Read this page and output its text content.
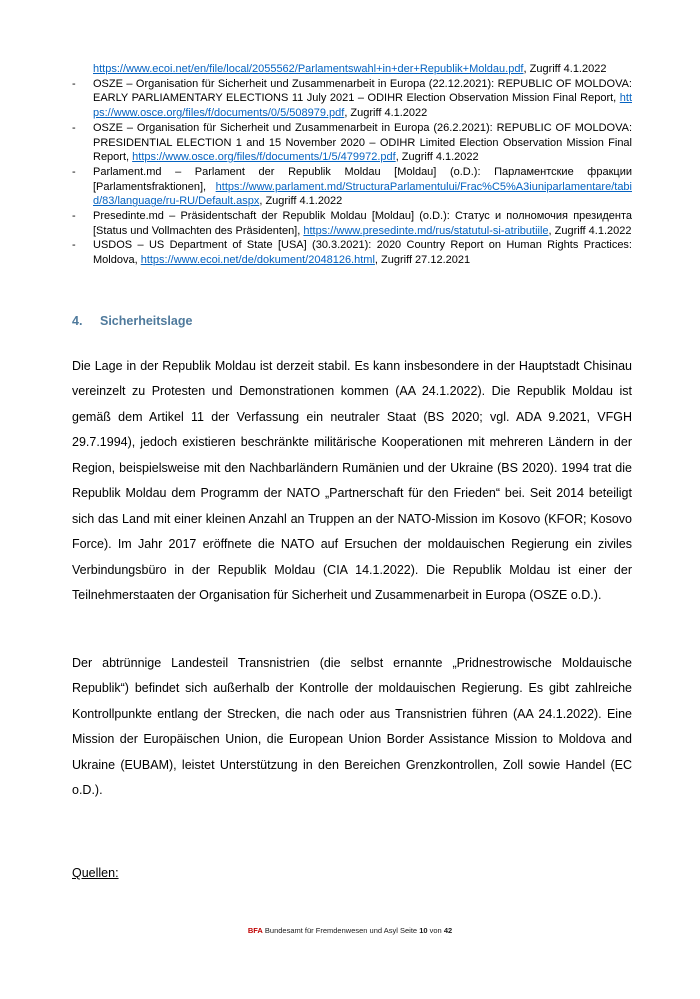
https://www.ecoi.net/en/file/local/2055562/Parlamentswahl+in+der+Republik+Moldau.pdf, Zugriff 4.1.2022
-	OSZE – Organisation für Sicherheit und Zusammenarbeit in Europa (22.12.2021): REPUBLIC OF MOLDOVA: EARLY PARLIAMENTARY ELECTIONS 11 July 2021 – ODIHR Election Observation Mission Final Report, https://www.osce.org/files/f/documents/0/5/508979.pdf, Zugriff 4.1.2022
-	OSZE – Organisation für Sicherheit und Zusammenarbeit in Europa (26.2.2021): REPUBLIC OF MOLDOVA: PRESIDENTIAL ELECTION 1 and 15 November 2020 – ODIHR Limited Election Observation Mission Final Report, https://www.osce.org/files/f/documents/1/5/479972.pdf, Zugriff 4.1.2022
-	Parlament.md – Parlament der Republik Moldau [Moldau] (o.D.): Парламентские фракции [Parlamentsfraktionen], https://www.parlament.md/StructuraParlamentului/Frac%C5%A3iuniparlamentare/tabid/83/language/ru-RU/Default.aspx, Zugriff 4.1.2022
-	Presedinte.md – Präsidentschaft der Republik Moldau [Moldau] (o.D.): Статус и полномочия президента [Status und Vollmachten des Präsidenten], https://www.presedinte.md/rus/statutul-si-atributiile, Zugriff 4.1.2022
-	USDOS – US Department of State [USA] (30.3.2021): 2020 Country Report on Human Rights Practices: Moldova, https://www.ecoi.net/de/dokument/2048126.html, Zugriff 27.12.2021
4. Sicherheitslage

Die Lage in der Republik Moldau ist derzeit stabil. Es kann insbesondere in der Hauptstadt Chisinau vereinzelt zu Protesten und Demonstrationen kommen (AA 24.1.2022). Die Republik Moldau ist gemäß dem Artikel 11 der Verfassung ein neutraler Staat (BS 2020; vgl. ADA 9.2021, VFGH 29.7.1994), jedoch existieren beschränkte militärische Kooperationen mit mehreren Ländern in der Region, beispielsweise mit den Nachbarländern Rumänien und der Ukraine (BS 2020). 1994 trat die Republik Moldau dem Programm der NATO „Partnerschaft für den Frieden“ bei. Seit 2014 beteiligt sich das Land mit einer kleinen Anzahl an Truppen an der NATO-Mission im Kosovo (KFOR; Kosovo Force). Im Jahr 2017 eröffnete die NATO auf Ersuchen der moldauischen Regierung ein ziviles Verbindungsbüro in der Republik Moldau (CIA 14.1.2022). Die Republik Moldau ist einer der Teilnehmerstaaten der Organisation für Sicherheit und Zusammenarbeit in Europa (OSZE o.D.).

Der abtrünnige Landesteil Transnistrien (die selbst ernannte „Pridnestrowische Moldauische Republik“) befindet sich außerhalb der Kontrolle der moldauischen Regierung. Es gibt zahlreiche Kontrollpunkte entlang der Strecken, die nach oder aus Transnistrien führen (AA 24.1.2022). Eine Mission der Europäischen Union, die European Union Border Assistance Mission to Moldova and Ukraine (EUBAM), leistet Unterstützung in den Bereichen Grenzkontrollen, Zoll sowie Handel (EC o.D.).

Quellen:

BFA Bundesamt für Fremdenwesen und Asyl Seite 10 von 42
